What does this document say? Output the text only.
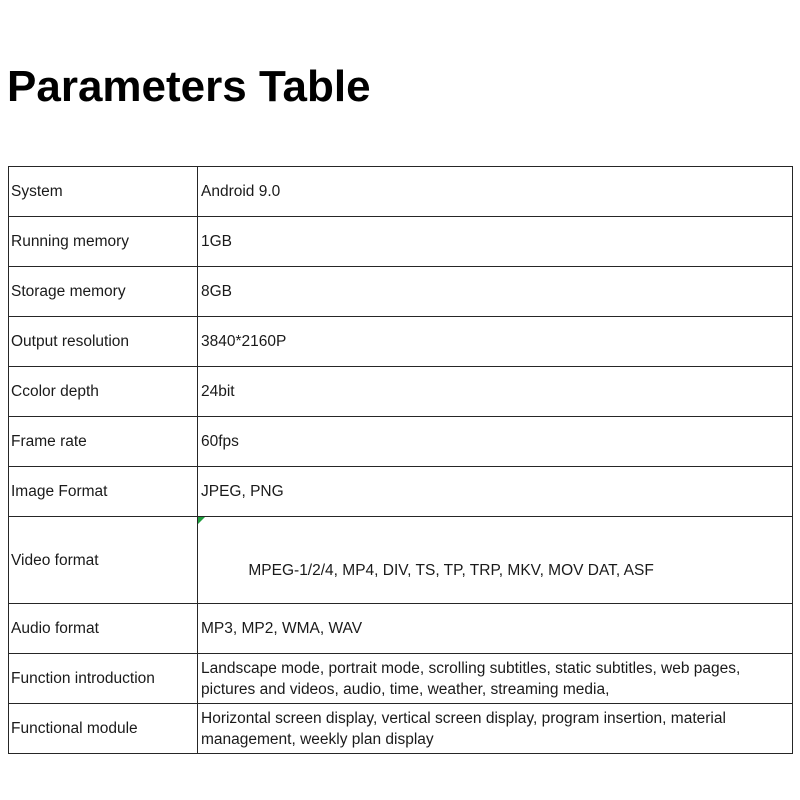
Parameters Table
System	Android 9.0
Running memory	1GB
Storage memory	8GB
Output resolution	3840*2160P
Ccolor depth	24bit
Frame rate	60fps
Image Format	JPEG, PNG
Video format	MPEG-1/2/4, MP4, DIV, TS, TP, TRP, MKV, MOV DAT, ASF

Audio format	MP3, MP2, WMA, WAV
Function introduction	Landscape mode, portrait mode, scrolling subtitles, static subtitles, web pages, pictures and videos, audio, time, weather, streaming media,
Functional module	Horizontal screen display, vertical screen display, program insertion, material management, weekly plan display
